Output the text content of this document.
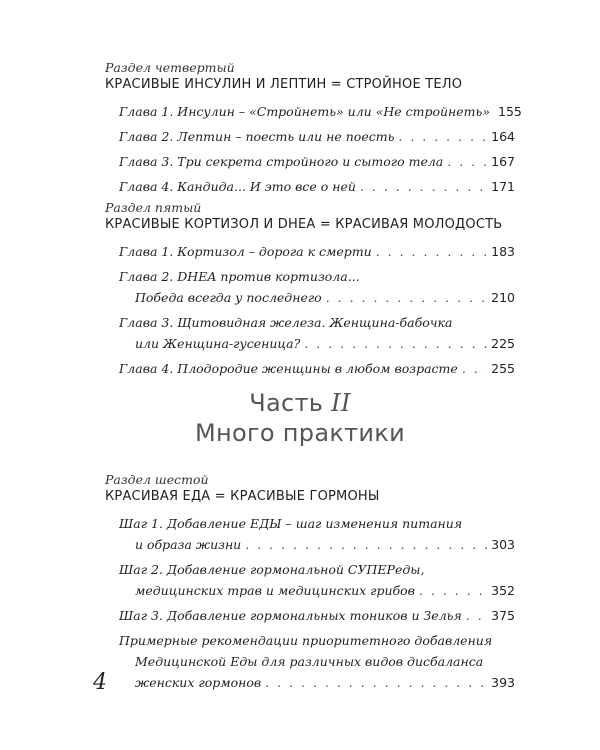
Раздел четвертый
КРАСИВЫЕ ИНСУЛИН И ЛЕПТИН = СТРОЙНОЕ ТЕЛО
Глава 1. Инсулин – «Стройнеть» или «Не стройнеть» 155
Глава 2. Лептин – поесть или не поесть . . .	164
Глава 3. Три секрета стройного и сытого тела . . .	167
Глава 4. Кандида... И это все о ней . . .	171
Раздел пятый
КРАСИВЫЕ КОРТИЗОЛ И DHEA = КРАСИВАЯ МОЛОДОСТЬ
Глава 1. Кортизол – дорога к смерти . . .	183
Глава 2. DHEA против кортизола...
Победа всегда у последнего . . .	210
Глава 3. Щитовидная железа. Женщина-бабочка
или Женщина-гусеница? . . .	225
Глава 4. Плодородие женщины в любом возрасте . . .	255
Часть II
Много практики
Раздел шестой
КРАСИВАЯ ЕДА = КРАСИВЫЕ ГОРМОНЫ
Шаг 1. Добавление ЕДЫ – шаг изменения питания
и образа жизни . . .	303
Шаг 2. Добавление гормональной СУПЕРеды,
медицинских трав и медицинских грибов . . .	352
Шаг 3. Добавление гормональных тоников и Зелья . . . 375
Примерные рекомендации приоритетного добавления
Медицинской Еды для различных видов дисбаланса
женских гормонов . . .	393
4
